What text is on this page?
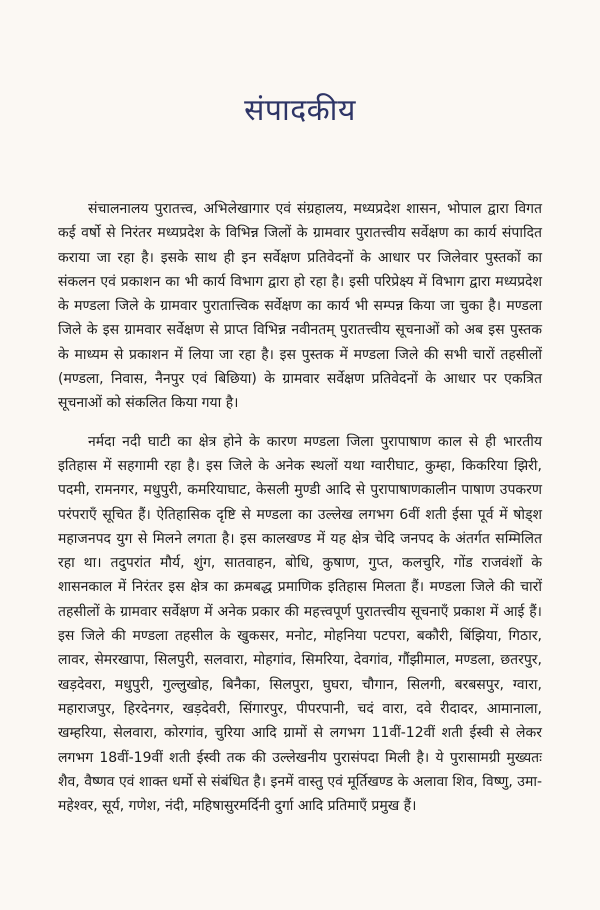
संपादकीय

संचालनालय पुरातत्त्व, अभिलेखागार एवं संग्रहालय, मध्यप्रदेश शासन, भोपाल द्वारा विगत कई वर्षो से निरंतर मध्यप्रदेश के विभिन्न जिलों के ग्रामवार पुरातत्त्वीय सर्वेक्षण का कार्य संपादित कराया जा रहा है। इसके साथ ही इन सर्वेक्षण प्रतिवेदनों के आधार पर जिलेवार पुस्तकों का संकलन एवं प्रकाशन का भी कार्य विभाग द्वारा हो रहा है। इसी परिप्रेक्ष्य में विभाग द्वारा मध्यप्रदेश के मण्डला जिले के ग्रामवार पुरातात्त्विक सर्वेक्षण का कार्य भी सम्पन्न किया जा चुका है। मण्डला जिले के इस ग्रामवार सर्वेक्षण से प्राप्त विभिन्न नवीनतम् पुरातत्त्वीय सूचनाओं को अब इस पुस्तक के माध्यम से प्रकाशन में लिया जा रहा है। इस पुस्तक में मण्डला जिले की सभी चारों तहसीलों (मण्डला, निवास, नैनपुर एवं बिछिया) के ग्रामवार सर्वेक्षण प्रतिवेदनों के आधार पर एकत्रित सूचनाओं को संकलित किया गया है।

नर्मदा नदी घाटी का क्षेत्र होने के कारण मण्डला जिला पुरापाषाण काल से ही भारतीय इतिहास में सहगामी रहा है। इस जिले के अनेक स्थलों यथा ग्वारीघाट, कुम्हा, किकरिया झिरी, पदमी, रामनगर, मधुपुरी, कमरियाघाट, केसली मुण्डी आदि से पुरापाषाणकालीन पाषाण उपकरण परंपराएँ सूचित हैं। ऐतिहासिक दृष्टि से मण्डला का उल्लेख लगभग 6वीं शती ईसा पूर्व में षोड्श महाजनपद युग से मिलने लगता है। इस कालखण्ड में यह क्षेत्र चेदि जनपद के अंतर्गत सम्मिलित रहा था। तदुपरांत मौर्य, शुंग, सातवाहन, बोधि, कुषाण, गुप्त, कलचुरि, गोंड राजवंशों के शासनकाल में निरंतर इस क्षेत्र का क्रमबद्ध प्रमाणिक इतिहास मिलता हैं। मण्डला जिले की चारों तहसीलों के ग्रामवार सर्वेक्षण में अनेक प्रकार की महत्त्वपूर्ण पुरातत्त्वीय सूचनाएँ प्रकाश में आई हैं। इस जिले की मण्डला तहसील के खुकसर, मनोट, मोहनिया पटपरा, बकौरी, बिंझिया, गिठार, लावर, सेमरखापा, सिलपुरी, सलवारा, मोहगांव, सिमरिया, देवगांव, गौंझीमाल, मण्डला, छतरपुर, खड़देवरा, मधुपुरी, गुल्लुखोह, बिनैका, सिलपुरा, घुघरा, चौगान, सिलगी, बरबसपुर, ग्वारा, महाराजपुर, हिरदेनगर, खड़देवरी, सिंगारपुर, पीपरपानी, चदं वारा, दवे रीदादर, आमानाला, खम्हरिया, सेलवारा, कोरगांव, चुरिया आदि ग्रामों से लगभग 11वीं-12वीं शती ईस्वी से लेकर लगभग 18वीं-19वीं शती ईस्वी तक की उल्लेखनीय पुरासंपदा मिली है। ये पुरासामग्री मुख्यतः शैव, वैष्णव एवं शाक्त धर्मो से संबंधित है। इनमें वास्तु एवं मूर्तिखण्ड के अलावा शिव, विष्णु, उमा-महेश्वर, सूर्य, गणेश, नंदी, महिषासुरमर्दिनी दुर्गा आदि प्रतिमाएँ प्रमुख हैं।
